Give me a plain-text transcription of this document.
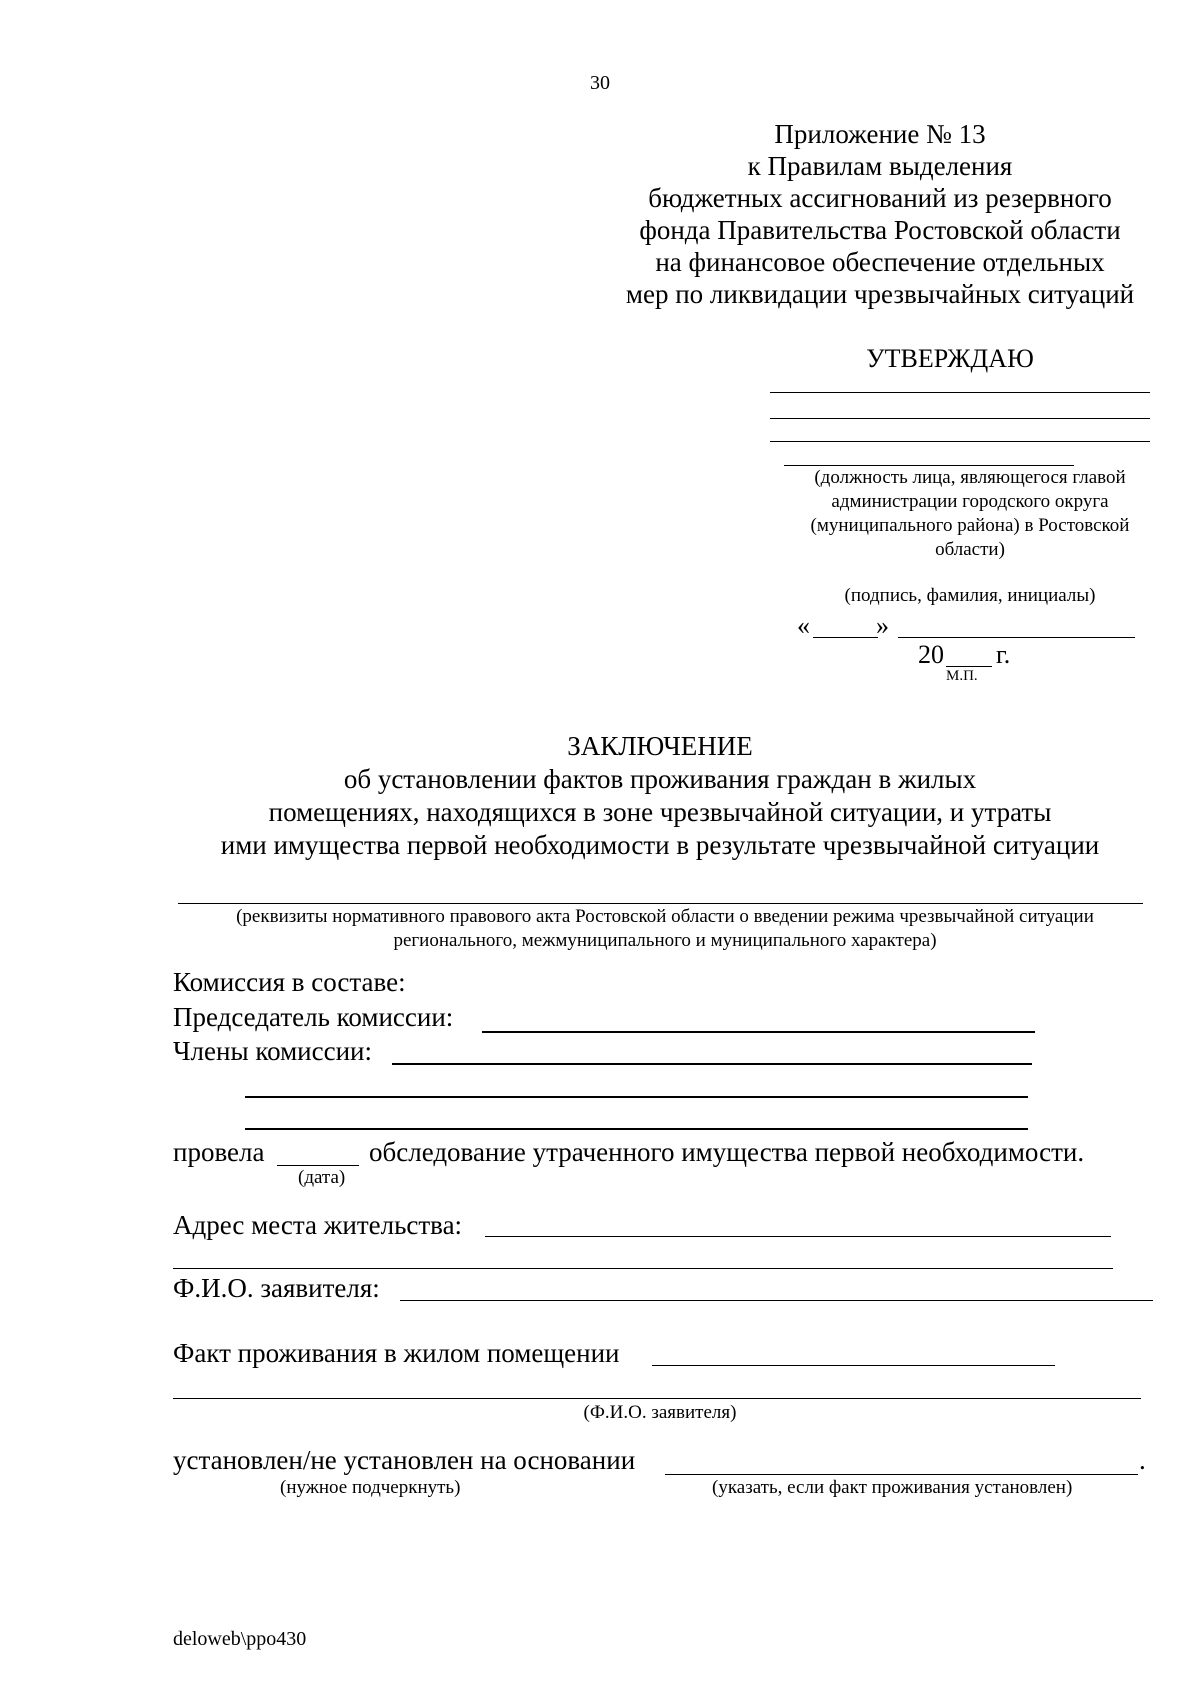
30
Приложение № 13
к Правилам выделения
бюджетных ассигнований из резервного
фонда Правительства Ростовской области
на финансовое обеспечение отдельных
мер по ликвидации чрезвычайных ситуаций
УТВЕРЖДАЮ
(должность лица, являющегося главой
администрации городского округа
(муниципального района) в Ростовской
области)
(подпись, фамилия, инициалы)
«	»
20 г.
М.П.
ЗАКЛЮЧЕНИЕ
об установлении фактов проживания граждан в жилых
помещениях, находящихся в зоне чрезвычайной ситуации, и утраты
ими имущества первой необходимости в результате чрезвычайной ситуации
(реквизиты нормативного правового акта Ростовской области о введении режима чрезвычайной ситуации
регионального, межмуниципального и муниципального характера)
Комиссия в составе:
Председатель комиссии:
Члены комиссии:
провела	обследование утраченного имущества первой необходимости.
(дата)
Адрес места жительства:
Ф.И.О. заявителя:
Факт проживания в жилом помещении
(Ф.И.О. заявителя)
установлен/не установлен на основании	.
(нужное подчеркнуть)	(указать, если факт проживания установлен)
deloweb\ppo430
